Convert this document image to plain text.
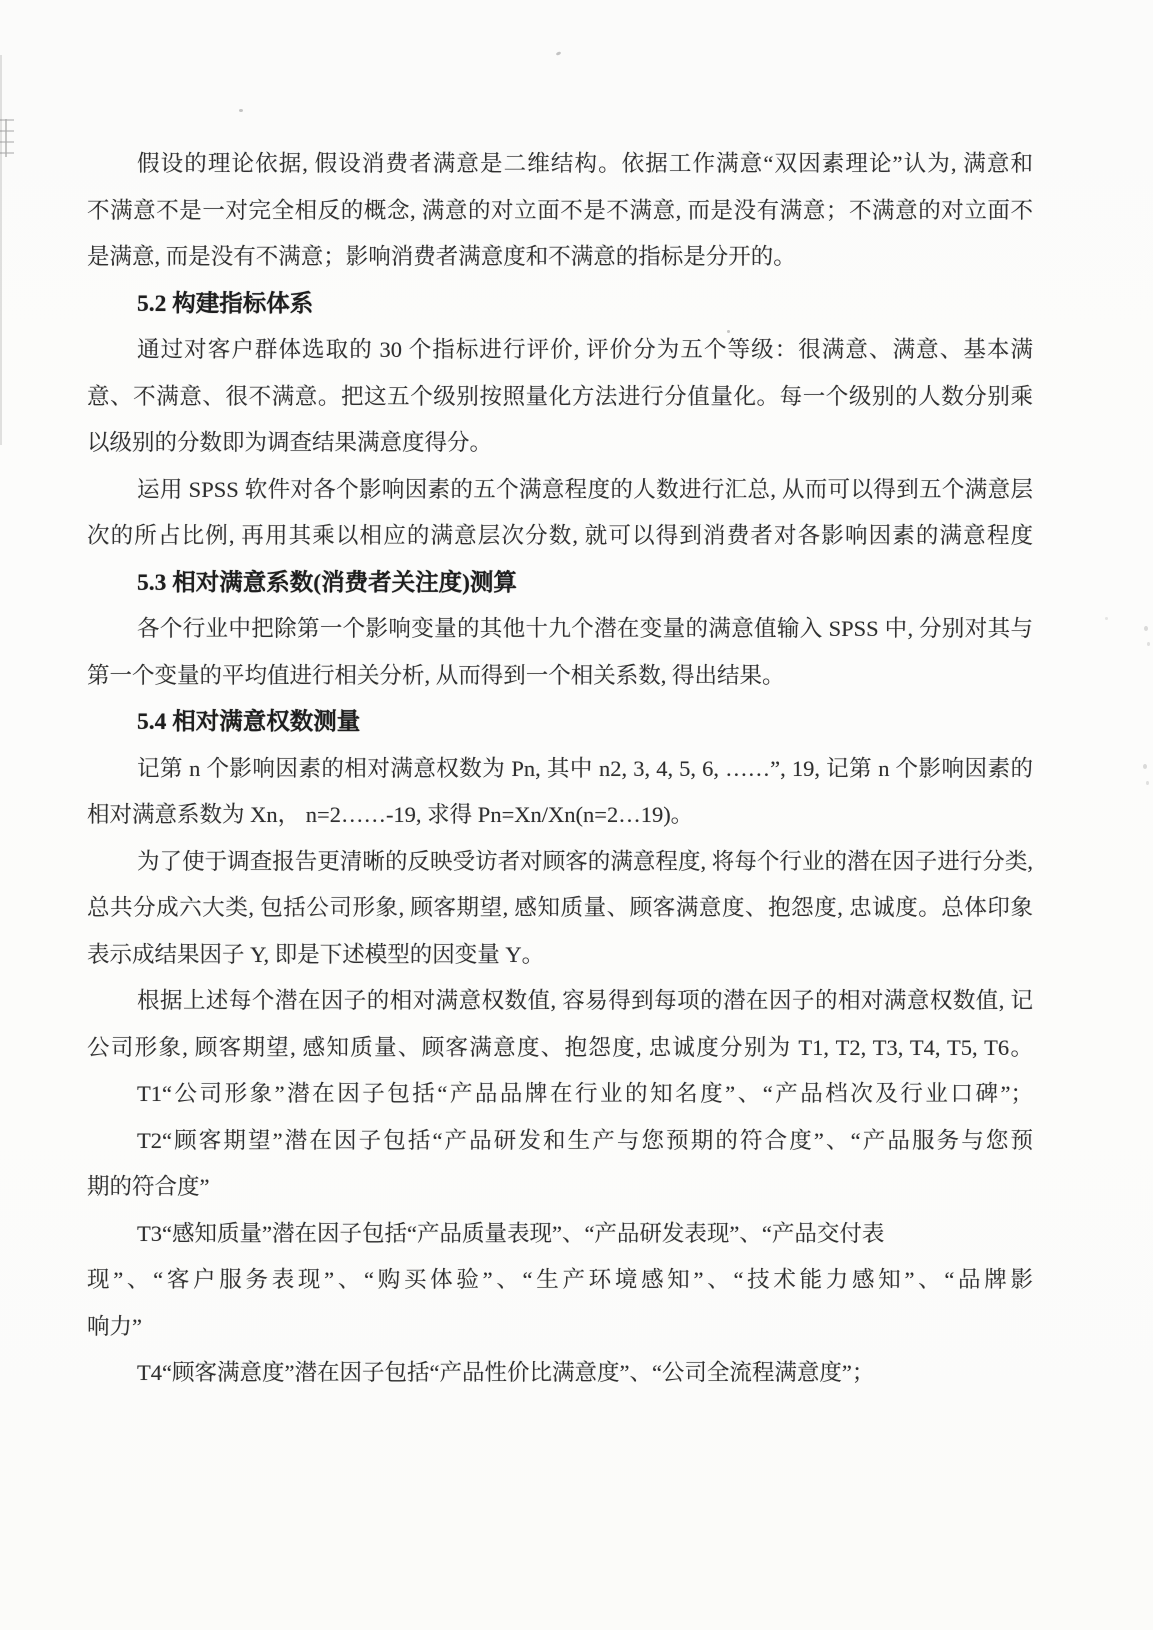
假设的理论依据, 假设消费者满意是二维结构。依据工作满意“双因素理论”认为, 满意和
不满意不是一对完全相反的概念, 满意的对立面不是不满意, 而是没有满意；不满意的对立面不
是满意, 而是没有不满意；影响消费者满意度和不满意的指标是分开的。
5.2 构建指标体系
通过对客户群体选取的 30 个指标进行评价, 评价分为五个等级：很满意、满意、基本满
意、不满意、很不满意。把这五个级别按照量化方法进行分值量化。每一个级别的人数分别乘
以级别的分数即为调查结果满意度得分。
运用 SPSS 软件对各个影响因素的五个满意程度的人数进行汇总, 从而可以得到五个满意层
次的所占比例, 再用其乘以相应的满意层次分数, 就可以得到消费者对各影响因素的满意程度
5.3 相对满意系数(消费者关注度)测算
各个行业中把除第一个影响变量的其他十九个潜在变量的满意值输入 SPSS 中, 分别对其与
第一个变量的平均值进行相关分析, 从而得到一个相关系数, 得出结果。
5.4 相对满意权数测量
记第 n 个影响因素的相对满意权数为 Pn, 其中 n2, 3, 4, 5, 6, ……”, 19, 记第 n 个影响因素的
相对满意系数为 Xn， n=2……-19, 求得 Pn=Xn/Xn(n=2…19)。
为了使于调查报告更清晰的反映受访者对顾客的满意程度, 将每个行业的潜在因子进行分类,
总共分成六大类, 包括公司形象, 顾客期望, 感知质量、顾客满意度、抱怨度, 忠诚度。总体印象
表示成结果因子 Y, 即是下述模型的因变量 Y。
根据上述每个潜在因子的相对满意权数值, 容易得到每项的潜在因子的相对满意权数值, 记
公司形象, 顾客期望, 感知质量、顾客满意度、抱怨度, 忠诚度分别为 T1, T2, T3, T4, T5, T6。
T1“公司形象”潜在因子包括“产品品牌在行业的知名度”、“产品档次及行业口碑”；
T2“顾客期望”潜在因子包括“产品研发和生产与您预期的符合度”、“产品服务与您预
期的符合度”
T3“感知质量”潜在因子包括“产品质量表现”、“产品研发表现”、“产品交付表
现”、“客户服务表现”、“购买体验”、“生产环境感知”、“技术能力感知”、“品牌影
响力”
T4“顾客满意度”潜在因子包括“产品性价比满意度”、“公司全流程满意度”；
